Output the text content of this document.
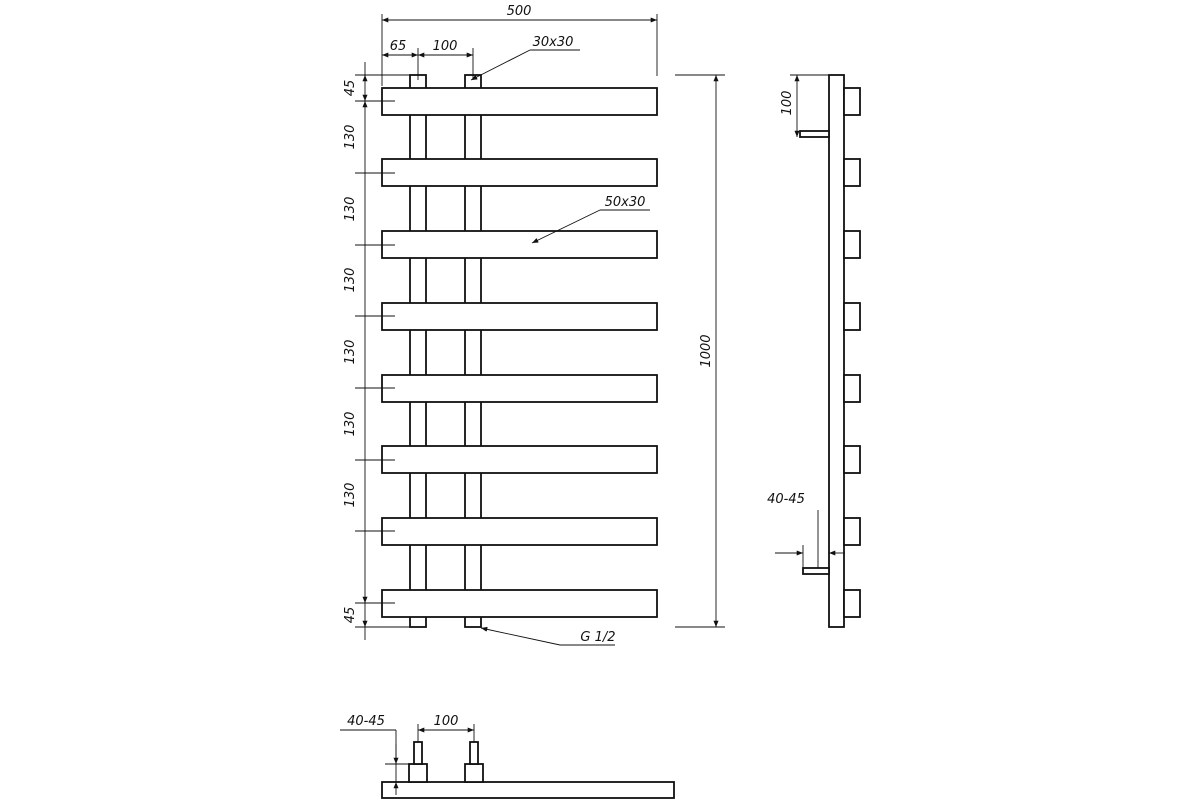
500
65 100	30x30
50x30
G 1/2
45
130
130
130
130
130
130
45
1000
100
40-45
100
40-45
